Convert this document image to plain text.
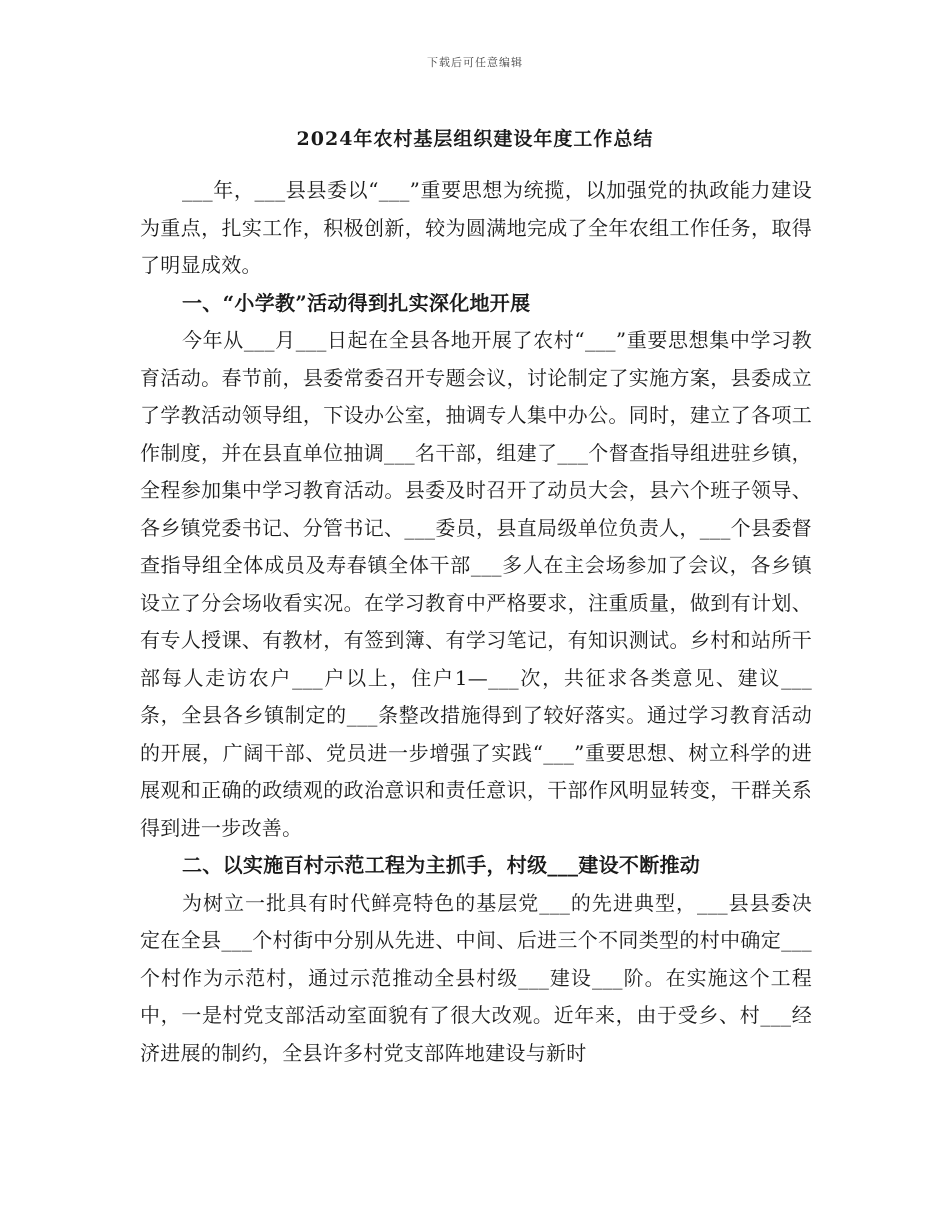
下载后可任意编辑
2024年农村基层组织建设年度工作总结

___年，___县县委以“___”重要思想为统揽，以加强党的执政能力建设为重点，扎实工作，积极创新，较为圆满地完成了全年农组工作任务，取得了明显成效。

一、“小学教”活动得到扎实深化地开展

今年从___月___日起在全县各地开展了农村“___”重要思想集中学习教育活动。春节前，县委常委召开专题会议，讨论制定了实施方案，县委成立了学教活动领导组，下设办公室，抽调专人集中办公。同时，建立了各项工作制度，并在县直单位抽调___名干部，组建了___个督查指导组进驻乡镇，全程参加集中学习教育活动。县委及时召开了动员大会，县六个班子领导、各乡镇党委书记、分管书记、___委员，县直局级单位负责人，___个县委督查指导组全体成员及寿春镇全体干部___多人在主会场参加了会议，各乡镇设立了分会场收看实况。在学习教育中严格要求，注重质量，做到有计划、有专人授课、有教材，有签到簿、有学习笔记，有知识测试。乡村和站所干部每人走访农户___户以上，住户1—___次，共征求各类意见、建议___条，全县各乡镇制定的___条整改措施得到了较好落实。通过学习教育活动的开展，广阔干部、党员进一步增强了实践“___”重要思想、树立科学的进展观和正确的政绩观的政治意识和责任意识，干部作风明显转变，干群关系得到进一步改善。

二、以实施百村示范工程为主抓手，村级___建设不断推动

为树立一批具有时代鲜亮特色的基层党___的先进典型，___县县委决定在全县___个村街中分别从先进、中间、后进三个不同类型的村中确定___个村作为示范村，通过示范推动全县村级___建设___阶。在实施这个工程中，一是村党支部活动室面貌有了很大改观。近年来，由于受乡、村___经济进展的制约，全县许多村党支部阵地建设与新时
